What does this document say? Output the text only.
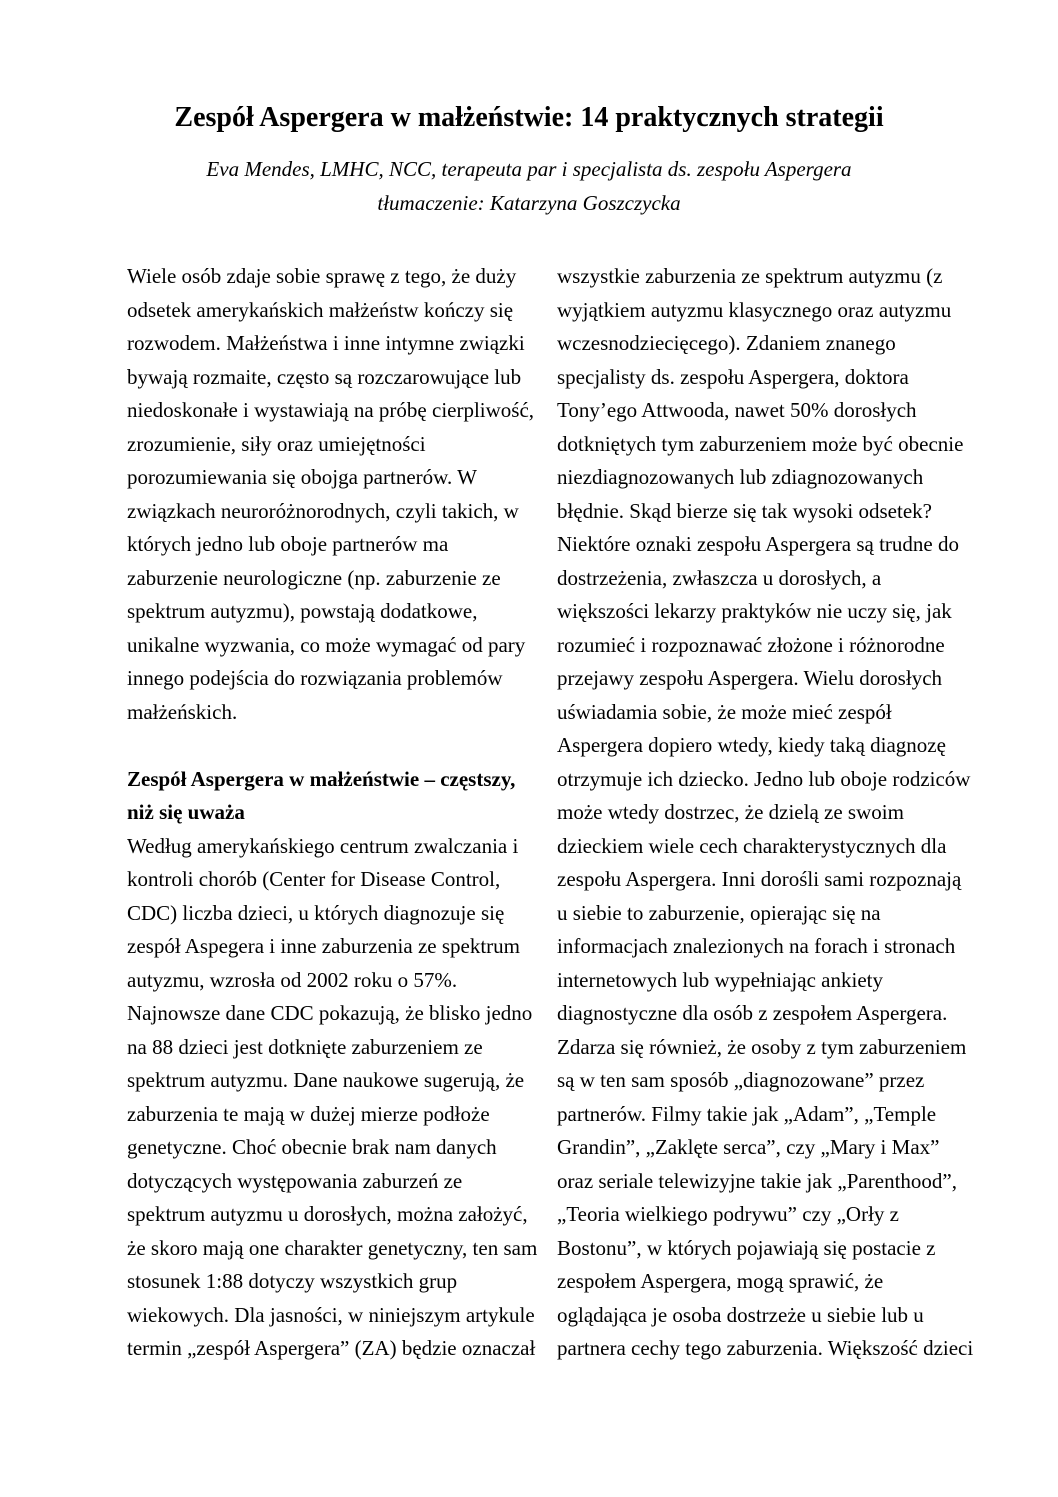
Zespół Aspergera w małżeństwie: 14 praktycznych strategii

Eva Mendes, LMHC, NCC, terapeuta par i specjalista ds. zespołu Aspergera

tłumaczenie: Katarzyna Goszczycka

Wiele osób zdaje sobie sprawę z tego, że duży
odsetek amerykańskich małżeństw kończy się
rozwodem. Małżeństwa i inne intymne związki
bywają rozmaite, często są rozczarowujące lub
niedoskonałe i wystawiają na próbę cierpliwość,
zrozumienie, siły oraz umiejętności
porozumiewania się obojga partnerów. W
związkach neuroróżnorodnych, czyli takich, w
których jedno lub oboje partnerów ma
zaburzenie neurologiczne (np. zaburzenie ze
spektrum autyzmu), powstają dodatkowe,
unikalne wyzwania, co może wymagać od pary
innego podejścia do rozwiązania problemów
małżeńskich.

Zespół Aspergera w małżeństwie – częstszy,
niż się uważa
Według amerykańskiego centrum zwalczania i
kontroli chorób (Center for Disease Control,
CDC) liczba dzieci, u których diagnozuje się
zespół Aspegera i inne zaburzenia ze spektrum
autyzmu, wzrosła od 2002 roku o 57%.
Najnowsze dane CDC pokazują, że blisko jedno
na 88 dzieci jest dotknięte zaburzeniem ze
spektrum autyzmu. Dane naukowe sugerują, że
zaburzenia te mają w dużej mierze podłoże
genetyczne. Choć obecnie brak nam danych
dotyczących występowania zaburzeń ze
spektrum autyzmu u dorosłych, można założyć,
że skoro mają one charakter genetyczny, ten sam
stosunek 1:88 dotyczy wszystkich grup
wiekowych. Dla jasności, w niniejszym artykule
termin „zespół Aspergera” (ZA) będzie oznaczał
wszystkie zaburzenia ze spektrum autyzmu (z
wyjątkiem autyzmu klasycznego oraz autyzmu
wczesnodziecięcego). Zdaniem znanego
specjalisty ds. zespołu Aspergera, doktora
Tony’ego Attwooda, nawet 50% dorosłych
dotkniętych tym zaburzeniem może być obecnie
niezdiagnozowanych lub zdiagnozowanych
błędnie. Skąd bierze się tak wysoki odsetek?
Niektóre oznaki zespołu Aspergera są trudne do
dostrzeżenia, zwłaszcza u dorosłych, a
większości lekarzy praktyków nie uczy się, jak
rozumieć i rozpoznawać złożone i różnorodne
przejawy zespołu Aspergera. Wielu dorosłych
uświadamia sobie, że może mieć zespół
Aspergera dopiero wtedy, kiedy taką diagnozę
otrzymuje ich dziecko. Jedno lub oboje rodziców
może wtedy dostrzec, że dzielą ze swoim
dzieckiem wiele cech charakterystycznych dla
zespołu Aspergera. Inni dorośli sami rozpoznają
u siebie to zaburzenie, opierając się na
informacjach znalezionych na forach i stronach
internetowych lub wypełniając ankiety
diagnostyczne dla osób z zespołem Aspergera.
Zdarza się również, że osoby z tym zaburzeniem
są w ten sam sposób „diagnozowane” przez
partnerów. Filmy takie jak „Adam”, „Temple
Grandin”, „Zaklęte serca”, czy „Mary i Max”
oraz seriale telewizyjne takie jak „Parenthood”,
„Teoria wielkiego podrywu” czy „Orły z
Bostonu”, w których pojawiają się postacie z
zespołem Aspergera, mogą sprawić, że
oglądająca je osoba dostrzeże u siebie lub u
partnera cechy tego zaburzenia. Większość dzieci
